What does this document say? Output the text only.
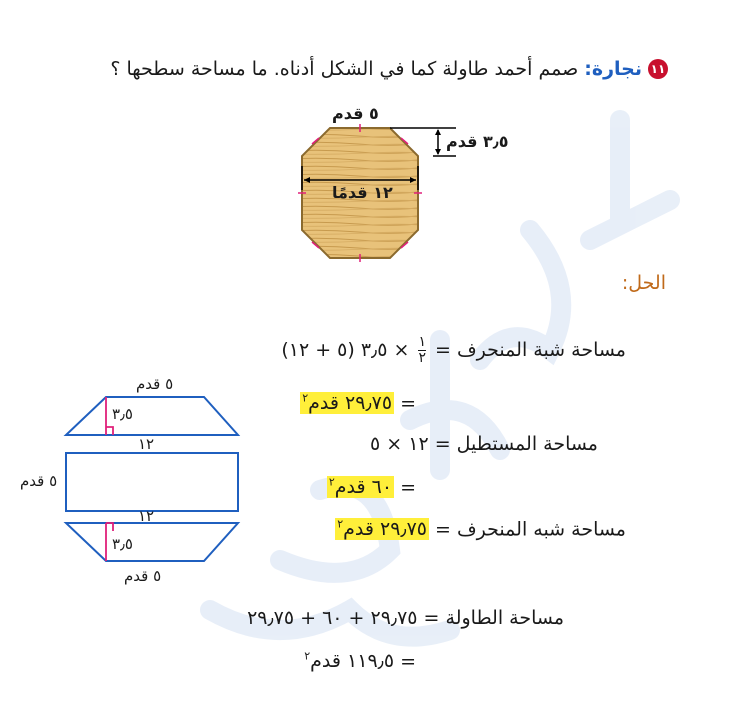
١١نجارة: صمم أحمد طاولة كما في الشكل أدناه. ما مساحة سطحها ؟
٥ قدم
٣٫٥ قدم
١٢ قدمًا
الحل:
مساحة شبة المنحرف =
$\frac{١}{٢}$
× ٣٫٥ (٥ + ١٢)
= ٢٩٫٧٥ قدم$^٢$
مساحة المستطيل = ١٢ × ٥
= ٦٠ قدم$^٢$
مساحة شبه المنحرف = ٢٩٫٧٥ قدم$^٢$
مساحة الطاولة = ٢٩٫٧٥ + ٦٠ + ٢٩٫٧٥
= ١١٩٫٥ قدم$^٢$
٥ قدم
٣٫٥
١٢
٥ قدم
١٢
٣٫٥
٥ قدم
